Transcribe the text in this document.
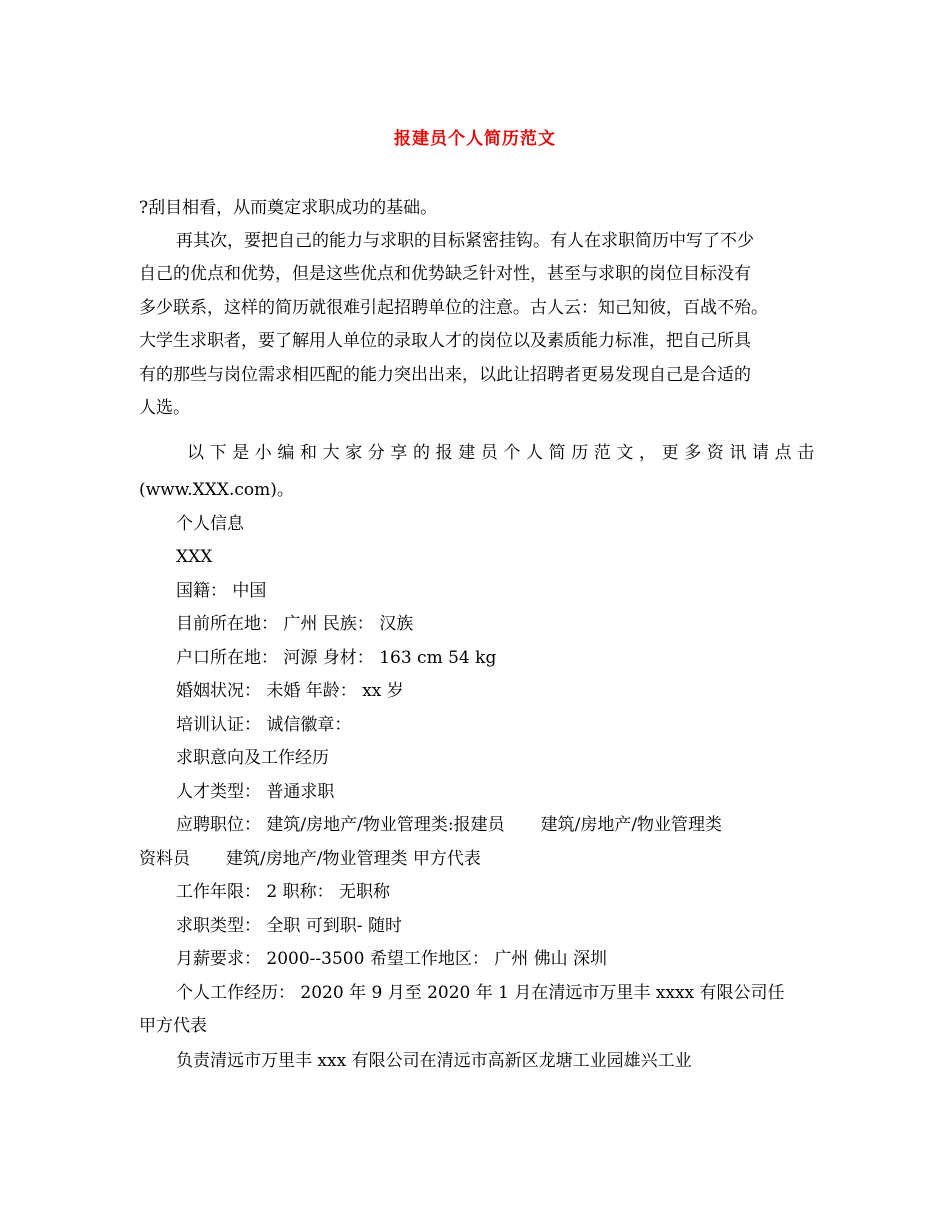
报建员个人简历范文
?刮目相看，从而奠定求职成功的基础。
再其次，要把自己的能力与求职的目标紧密挂钩。有人在求职简历中写了不少
自己的优点和优势，但是这些优点和优势缺乏针对性，甚至与求职的岗位目标没有
多少联系，这样的简历就很难引起招聘单位的注意。古人云：知己知彼，百战不殆。
大学生求职者，要了解用人单位的录取人才的岗位以及素质能力标准，把自己所具
有的那些与岗位需求相匹配的能力突出出来，以此让招聘者更易发现自己是合适的
人选。
以下是小编和大家分享的报建员个人简历范文，更多资讯请点击
(www.XXX.com)。
个人信息
XXX
国籍： 中国
目前所在地： 广州 民族： 汉族
户口所在地： 河源 身材： 163 cm 54 kg
婚姻状况： 未婚 年龄： xx 岁
培训认证： 诚信徽章：
求职意向及工作经历
人才类型： 普通求职
应聘职位： 建筑/房地产/物业管理类:报建员 建筑/房地产/物业管理类
资料员 建筑/房地产/物业管理类 甲方代表
工作年限： 2 职称： 无职称
求职类型： 全职 可到职- 随时
月薪要求： 2000--3500 希望工作地区： 广州 佛山 深圳
个人工作经历： 2020 年 9 月至 2020 年 1 月在清远市万里丰 xxxx 有限公司任
甲方代表
负责清远市万里丰 xxx 有限公司在清远市高新区龙塘工业园雄兴工业
